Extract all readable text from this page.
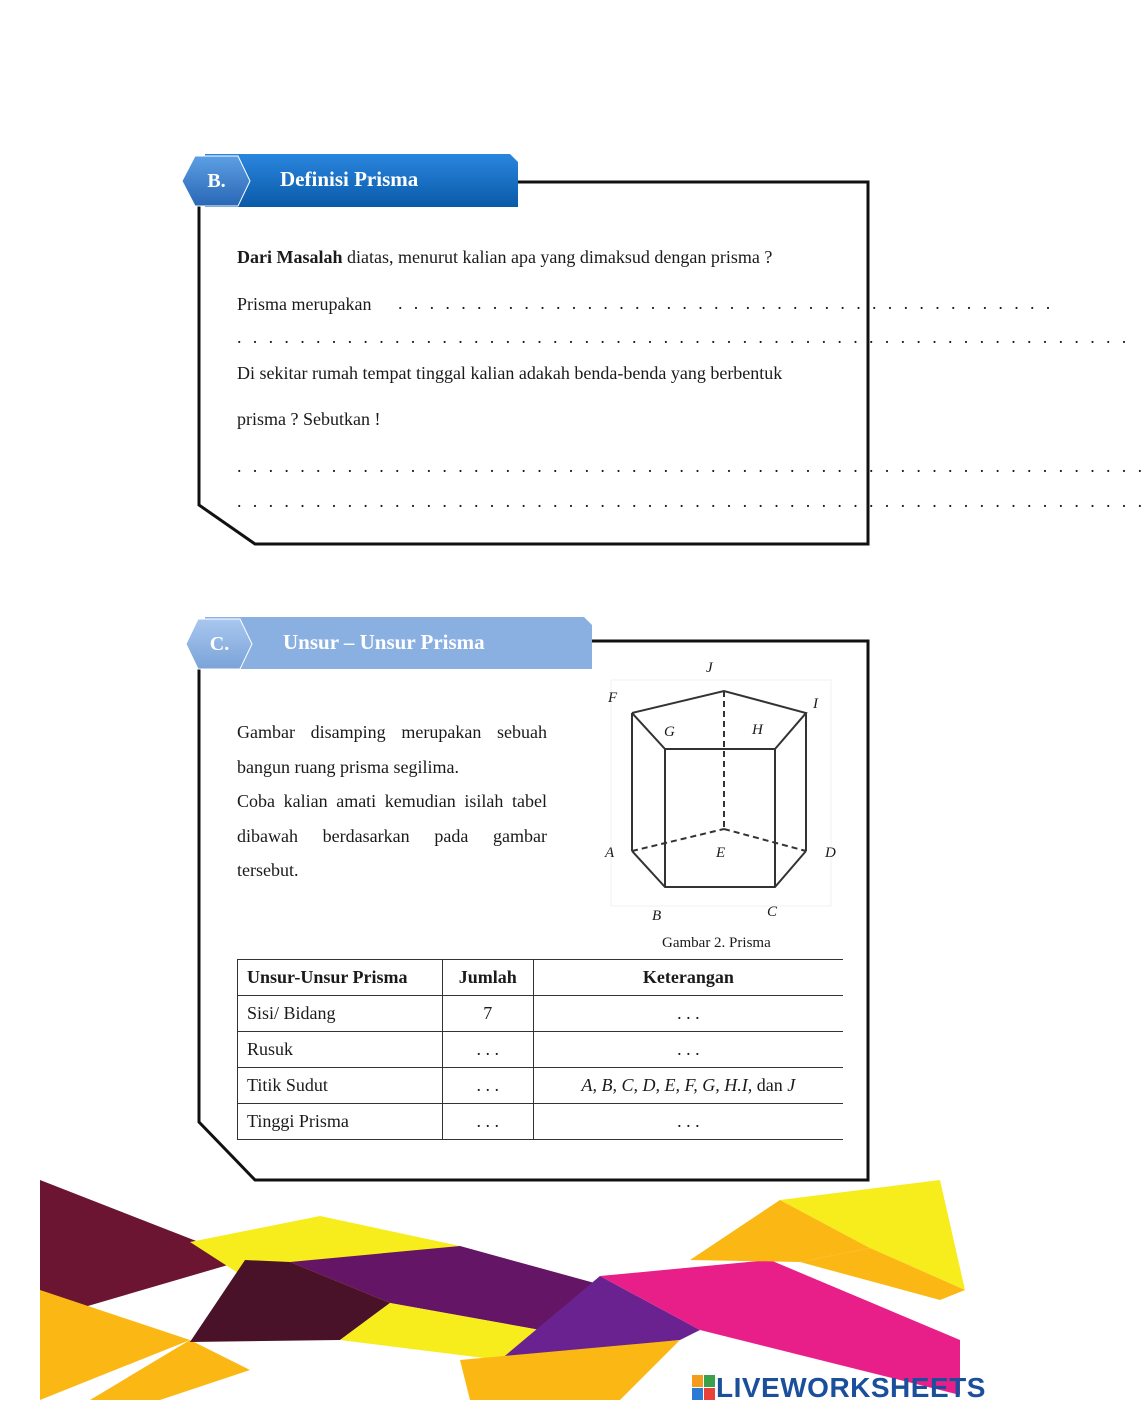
B.	Definisi Prisma
Dari Masalah diatas, menurut kalian apa yang dimaksud dengan prisma ?
Prisma merupakan . . . . . . . . . . . . . . . . . . . . . . . . . . . . . . . . . . . . . . . . . .
. . . . . . . . . . . . . . . . . . . . . . . . . . . . . . . . . . . . . . . . . . . . . . . . . . . . . . . . .
Di sekitar rumah tempat tinggal kalian adakah benda-benda yang berbentuk
prisma ? Sebutkan !
. . . . . . . . . . . . . . . . . . . . . . . . . . . . . . . . . . . . . . . . . . . . . . . . . . . . . . . . . .
. . . . . . . . . . . . . . . . . . . . . . . . . . . . . . . . . . . . . . . . . . . . . . . . . . . . . . . . . .
C.	Unsur – Unsur Prisma
Gambar disamping merupakan sebuah bangun ruang prisma segilima.
Coba kalian amati kemudian isilah tabel dibawah berdasarkan pada gambar tersebut.
J
F	I
G	H
A	E	D
B	C
Gambar 2. Prisma
Unsur-Unsur Prisma	Jumlah	Keterangan
Sisi/ Bidang	7	. . .
Rusuk	. . .	. . .
Titik Sudut	. . .	A, B, C, D, E, F, G, H.I, dan J
Tinggi Prisma	. . .	. . .
LIVEWORKSHEETS
